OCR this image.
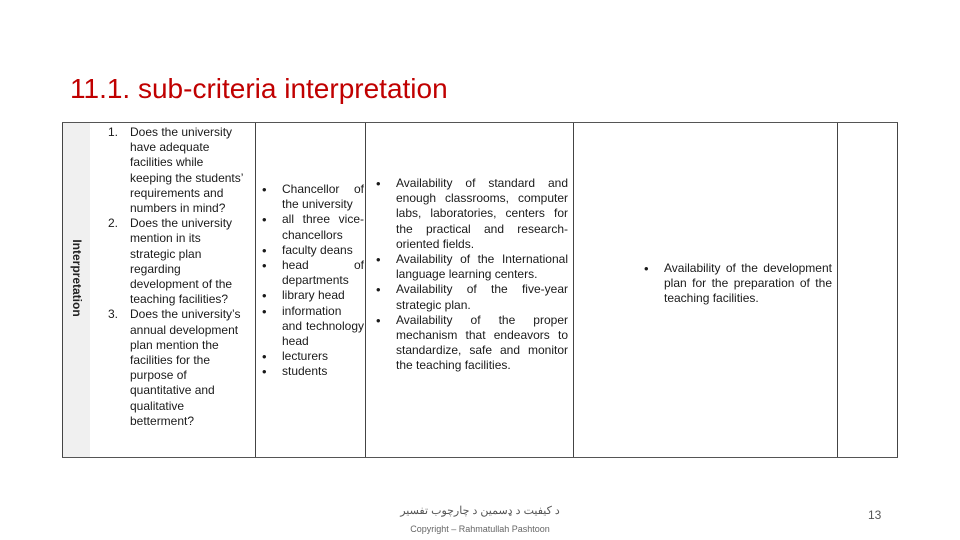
11.1. sub-criteria interpretation
Interpretation
1. Does the university have adequate facilities while keeping the students’ requirements and numbers in mind?
2. Does the university mention in its strategic plan regarding development of the teaching facilities?
3. Does the university’s annual development plan mention the facilities for the purpose of quantitative and qualitative betterment?
• Chancellor of the university
• all three vice-chancellors
• faculty deans
• head of departments
• library head
• information and technology head
• lecturers
• students
• Availability of standard and enough classrooms, computer labs, laboratories, centers for the practical and research-oriented fields.
• Availability of the International language learning centers.
• Availability of the five-year strategic plan.
• Availability of the proper mechanism that endeavors to standardize, safe and monitor the teaching facilities.
• Availability of the development plan for the preparation of the teaching facilities.
د کیفیت د ډسمين د چارچوب تفسير
Copyright – Rahmatullah Pashtoon
13
